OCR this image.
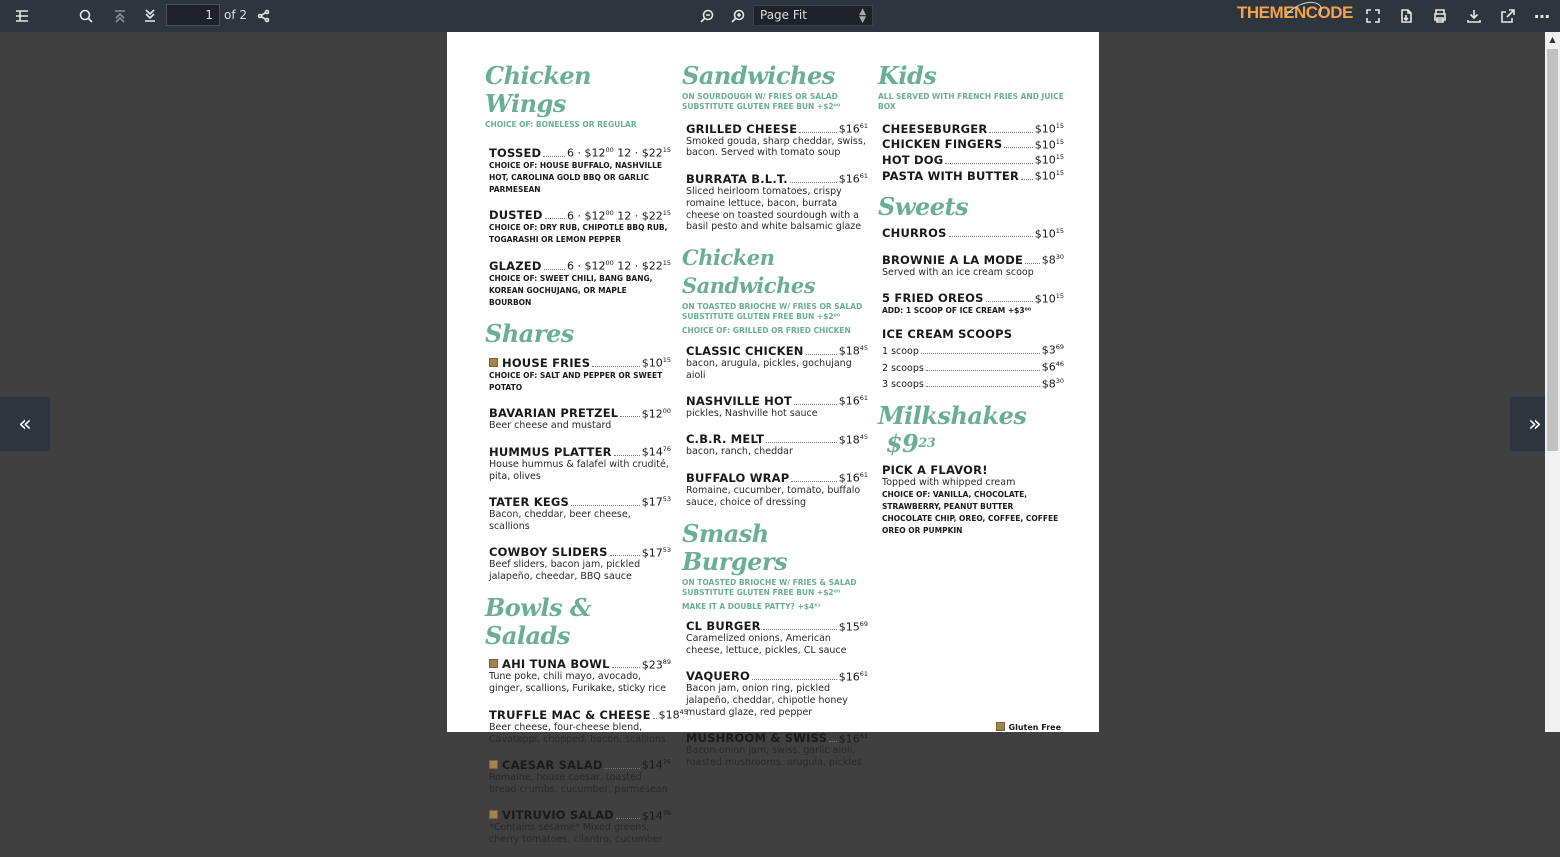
1
of 2	Page Fit	▲
▼	THEMENCODE	⋯
Chicken Wings
CHOICE OF: BONELESS OR REGULAR
TOSSED $6 \cdot \$12^{00}$ $12 \cdot \$22^{15}$
CHOICE OF: HOUSE BUFFALO, NASHVILLE HOT, CAROLINA GOLD BBQ OR GARLIC PARMESEAN
DUSTED $6 \cdot \$12^{00}$ $12 \cdot \$22^{15}$
CHOICE OF: DRY RUB, CHIPOTLE BBQ RUB, TOGARASHI OR LEMON PEPPER
GLAZED $6 \cdot \$12^{00}$ $12 \cdot \$22^{15}$
CHOICE OF: SWEET CHILI, BANG BANG, KOREAN GOCHUJANG, OR MAPLE BOURBON
Shares
HOUSE FRIES	$\$10^{15}$
CHOICE OF: SALT AND PEPPER OR SWEET POTATO
BAVARIAN PRETZEL $\$12^{00}$
Beer cheese and mustard
HUMMUS PLATTER	$\$14^{76}$
House hummus & falafel with crudité, pita, olives
TATER KEGS	$\$17^{53}$
Bacon, cheddar, beer cheese, scallions
COWBOY SLIDERS	$\$17^{53}$
Beef sliders, bacon jam, pickled jalapeño, cheedar, BBQ sauce
Bowls & Salads
AHI TUNA BOWL	$\$23^{89}$
Tune poke, chili mayo, avocado, ginger, scallions, Furikake, sticky rice
TRUFFLE MAC & CHEESE $\$18^{45}$
Beer cheese, four-cheese blend, Cavatappi, chopped, bacon, scallions
CAESAR SALAD	$\$14^{76}$
Romaine, house caesar, toasted bread crumbs, cucumber, parmesean
VITRUVIO SALAD	$\$14^{76}$
*Contains sesame* Mixed greens, cherry tomatoes, cilantro, cucumber
Sandwiches
ON SOURDOUGH W/ FRIES OR SALAD SUBSTITUTE GLUTEN FREE BUN +$2⁰⁰
GRILLED CHEESE	$\$16^{61}$
Smoked gouda, sharp cheddar, swiss, bacon. Served with tomato soup
BURRATA B.L.T.	$\$16^{61}$
Sliced heirloom tomatoes, crispy romaine lettuce, bacon, burrata cheese on toasted sourdough with a basil pesto and white balsamic glaze
Chicken Sandwiches
ON TOASTED BRIOCHE W/ FRIES OR SALAD SUBSTITUTE GLUTEN FREE BUN +$2⁰⁰
CHOICE OF: GRILLED OR FRIED CHICKEN
CLASSIC CHICKEN	$\$18^{45}$
bacon, arugula, pickles, gochujang aioli
NASHVILLE HOT	$\$16^{61}$
pickles, Nashville hot sauce
C.B.R. MELT	$\$18^{45}$
bacon, ranch, cheddar
BUFFALO WRAP	$\$16^{61}$
Romaine, cucumber, tomato, buffalo sauce, choice of dressing
Smash Burgers
ON TOASTED BRIOCHE W/ FRIES & SALAD SUBSTITUTE GLUTEN FREE BUN +$2⁰⁰
MAKE IT A DOUBLE PATTY? +$4⁶¹
CL BURGER	$\$15^{69}$
Caramelized onions, American cheese, lettuce, pickles, CL sauce
VAQUERO	$\$16^{61}$
Bacon jam, onion ring, pickled jalapeño, cheddar, chipotle honey mustard glaze, red pepper
MUSHROOM & SWISS $\$16^{61}$
Bacon-onion jam, swiss, garlic aioli, roasted mushrooms, arugula, pickles
Kids
ALL SERVED WITH FRENCH FRIES AND JUICE BOX
CHEESEBURGER	$\$10^{15}$
CHICKEN FINGERS	$\$10^{15}$
HOT DOG	$\$10^{15}$
PASTA WITH BUTTER $\$10^{15}$
Sweets
CHURROS	$\$10^{15}$
BROWNIE A LA MODE $\$8^{30}$
Served with an ice cream scoop
5 FRIED OREOS	$\$10^{15}$
ADD: 1 SCOOP OF ICE CREAM +$3⁰⁰
ICE CREAM SCOOPS
1 scoop	$\$3^{69}$
2 scoops	$\$6^{46}$
3 scoops	$\$8^{30}$
Milkshakes  $\$9^{23}$
PICK A FLAVOR!
Topped with whipped cream
CHOICE OF: VANILLA, CHOCOLATE, STRAWBERRY, PEANUT BUTTER CHOCOLATE CHIP, OREO, COFFEE, COFFEE OREO OR PUMPKIN
Gluten Free
«	»
▲
